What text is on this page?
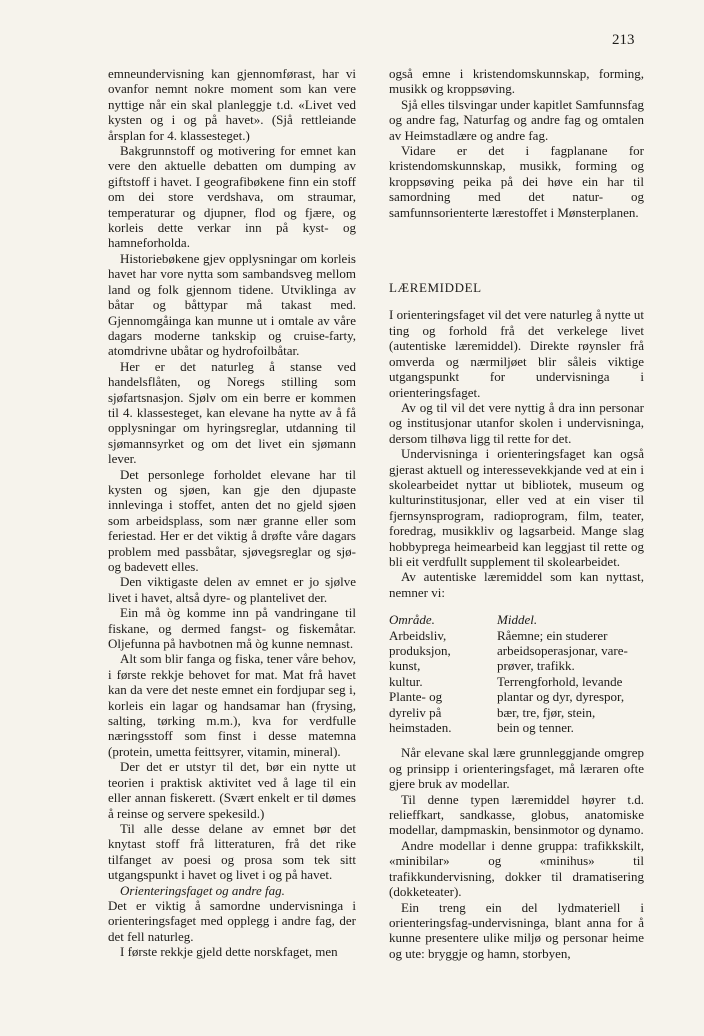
213

emneundervisning kan gjennomførast, har vi ovanfor nemnt nokre moment som kan vere nyttige når ein skal planleggje t.d. «Livet ved kysten og i og på havet». (Sjå rettleiande årsplan for 4. klassesteget.)

Bakgrunnstoff og motivering for emnet kan vere den aktuelle debatten om dumping av giftstoff i havet. I geografibøkene finn ein stoff om dei store verdshava, om straumar, temperaturar og djupner, flod og fjære, og korleis dette verkar inn på kyst- og hamneforholda.

Historiebøkene gjev opplysningar om korleis havet har vore nytta som sambandsveg mellom land og folk gjennom tidene. Utviklinga av båtar og båttypar må takast med. Gjennomgåinga kan munne ut i omtale av våre dagars moderne tankskip og cruise-farty, atomdrivne ubåtar og hydrofoilbåtar.

Her er det naturleg å stanse ved handelsflåten, og Noregs stilling som sjøfartsnasjon. Sjølv om ein berre er kommen til 4. klassesteget, kan elevane ha nytte av å få opplysningar om hyringsreglar, utdanning til sjømannsyrket og om det livet ein sjømann lever.

Det personlege forholdet elevane har til kysten og sjøen, kan gje den djupaste innlevinga i stoffet, anten det no gjeld sjøen som arbeidsplass, som nær granne eller som feriestad. Her er det viktig å drøfte våre dagars problem med passbåtar, sjøvegsreglar og sjø- og badevett elles.

Den viktigaste delen av emnet er jo sjølve livet i havet, altså dyre- og plantelivet der.

Ein må òg komme inn på vandringane til fiskane, og dermed fangst- og fiskemåtar. Oljefunna på havbotnen må òg kunne nemnast.

Alt som blir fanga og fiska, tener våre behov, i første rekkje behovet for mat. Mat frå havet kan da vere det neste emnet ein fordjupar seg i, korleis ein lagar og handsamar han (frysing, salting, tørking m.m.), kva for verdfulle næringsstoff som finst i desse matemna (protein, umetta feittsyrer, vitamin, mineral).

Der det er utstyr til det, bør ein nytte ut teorien i praktisk aktivitet ved å lage til ein eller annan fiskerett. (Svært enkelt er til dømes å reinse og servere spekesild.)

Til alle desse delane av emnet bør det knytast stoff frå litteraturen, frå det rike tilfanget av poesi og prosa som tek sitt utgangspunkt i havet og livet i og på havet.

Orienteringsfaget og andre fag.

Det er viktig å samordne undervisninga i orienteringsfaget med opplegg i andre fag, der det fell naturleg.

I første rekkje gjeld dette norskfaget, men

også emne i kristendomskunnskap, forming, musikk og kroppsøving.

Sjå elles tilsvingar under kapitlet Samfunnsfag og andre fag, Naturfag og andre fag og omtalen av Heimstadlære og andre fag.

Vidare er det i fagplanane for kristendomskunnskap, musikk, forming og kroppsøving peika på dei høve ein har til samordning med det natur- og samfunnsorienterte lærestoffet i Mønsterplanen.

LÆREMIDDEL

I orienteringsfaget vil det vere naturleg å nytte ut ting og forhold frå det verkelege livet (autentiske læremiddel). Direkte røynsler frå omverda og nærmiljøet blir såleis viktige utgangspunkt for undervisninga i orienteringsfaget.

Av og til vil det vere nyttig å dra inn personar og institusjonar utanfor skolen i undervisninga, dersom tilhøva ligg til rette for det.

Undervisninga i orienteringsfaget kan også gjerast aktuell og interessevekkjande ved at ein i skolearbeidet nyttar ut bibliotek, museum og kulturinstitusjonar, eller ved at ein viser til fjernsynsprogram, radioprogram, film, teater, foredrag, musikkliv og lagsarbeid. Mange slag hobbyprega heimearbeid kan leggjast til rette og bli eit verdfullt supplement til skolearbeidet.

Av autentiske læremiddel som kan nyttast, nemner vi:

Område.
Arbeidsliv,
produksjon,
kunst,
kultur.
Plante- og
dyreliv på
heimstaden.
Middel.
Råemne; ein studerer
arbeidsoperasjonar, vare-
prøver, trafikk.
Terrengforhold, levande
plantar og dyr, dyrespor,
bær, tre, fjør, stein,
bein og tenner.

Når elevane skal lære grunnleggjande omgrep og prinsipp i orienteringsfaget, må læraren ofte gjere bruk av modellar.

Til denne typen læremiddel høyrer t.d. relieffkart, sandkasse, globus, anatomiske modellar, dampmaskin, bensinmotor og dynamo.

Andre modellar i denne gruppa: trafikkskilt, «minibilar» og «minihus» til trafikkundervisning, dokker til dramatisering (dokketeater).

Ein treng ein del lydmateriell i orienteringsfag-undervisninga, blant anna for å kunne presentere ulike miljø og personar heime og ute: bryggje og hamn, storbyen,
